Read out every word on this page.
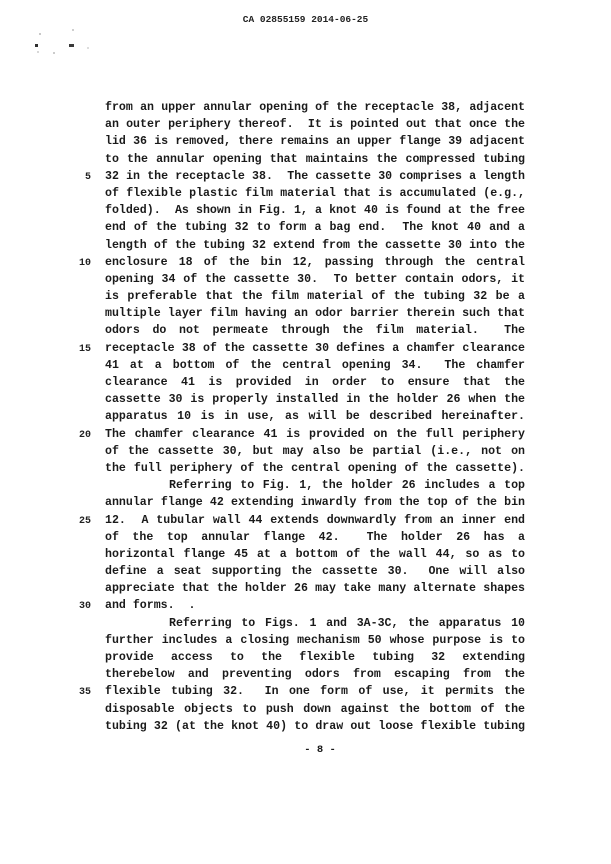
CA 02855159 2014-06-25
from an upper annular opening of the receptacle 38, adjacent
an outer periphery thereof.  It is pointed out that once the
lid 36 is removed, there remains an upper flange 39 adjacent
to the annular opening that maintains the compressed tubing
5 32 in the receptacle 38.  The cassette 30 comprises a length
of flexible plastic film material that is accumulated (e.g.,
folded).  As shown in Fig. 1, a knot 40 is found at the free
end of the tubing 32 to form a bag end.  The knot 40 and a
length of the tubing 32 extend from the cassette 30 into the
10 enclosure 18 of the bin 12, passing through the central
opening 34 of the cassette 30.  To better contain odors, it
is preferable that the film material of the tubing 32 be a
multiple layer film having an odor barrier therein such that
odors do not permeate through the film material.  The
15 receptacle 38 of the cassette 30 defines a chamfer clearance
41 at a bottom of the central opening 34.  The chamfer
clearance 41 is provided in order to ensure that the
cassette 30 is properly installed in the holder 26 when the
apparatus 10 is in use, as will be described hereinafter.
20 The chamfer clearance 41 is provided on the full periphery
of the cassette 30, but may also be partial (i.e., not on
the full periphery of the central opening of the cassette).
Referring to Fig. 1, the holder 26 includes a top
annular flange 42 extending inwardly from the top of the bin
25 12.  A tubular wall 44 extends downwardly from an inner end
of the top annular flange 42.  The holder 26 has a
horizontal flange 45 at a bottom of the wall 44, so as to
define a seat supporting the cassette 30.  One will also
appreciate that the holder 26 may take many alternate shapes
30 and forms.  .
Referring to Figs. 1 and 3A-3C, the apparatus 10
further includes a closing mechanism 50 whose purpose is to
provide access to the flexible tubing 32 extending
therebelow and preventing odors from escaping from the
35 flexible tubing 32.  In one form of use, it permits the
disposable objects to push down against the bottom of the
tubing 32 (at the knot 40) to draw out loose flexible tubing
- 8 -
